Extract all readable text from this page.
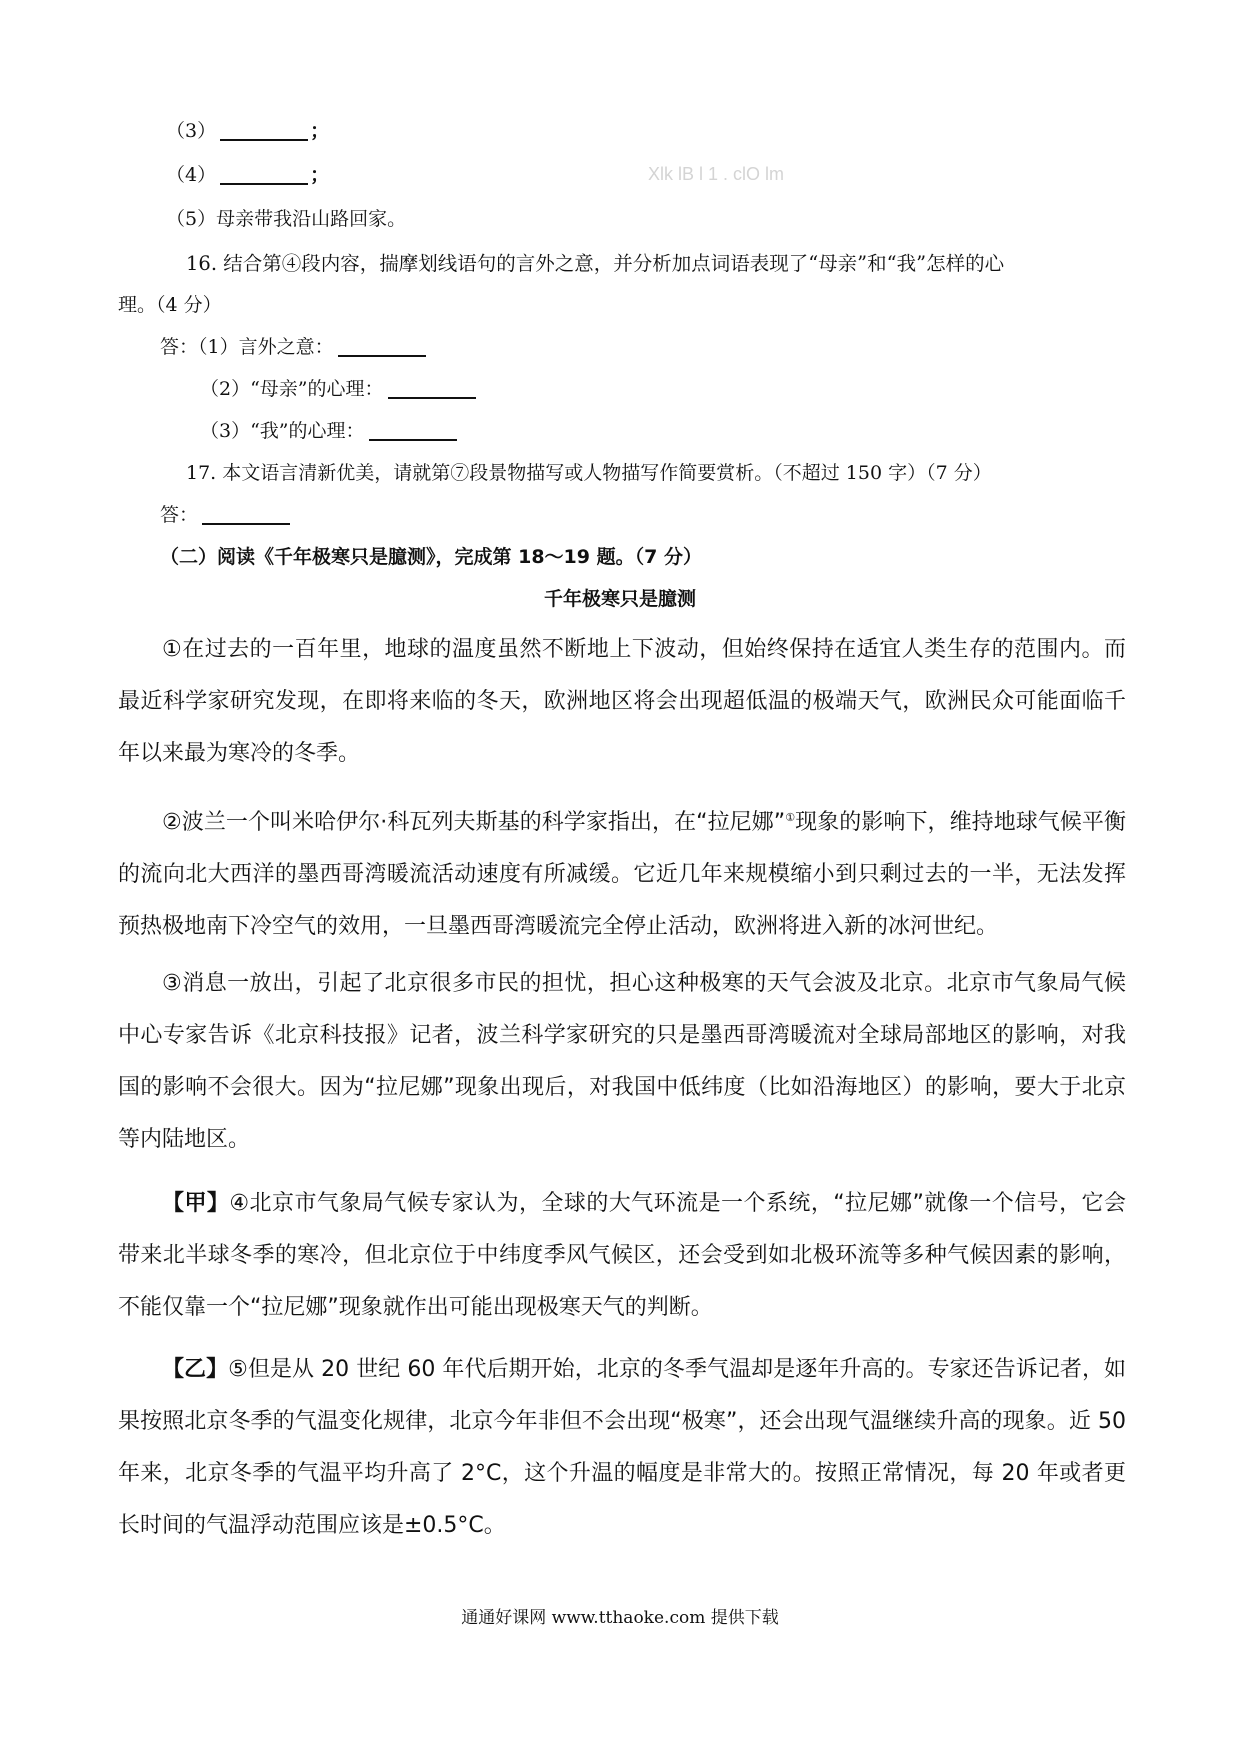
（3）	；
（4）	；	Xlk lB l 1 . clO lm
（5）母亲带我沿山路回家。
16. 结合第④段内容，揣摩划线语句的言外之意，并分析加点词语表现了“母亲”和“我”怎样的心
理。（4 分）
答：（1）言外之意：
（2）“母亲”的心理：
（3）“我”的心理：
17. 本文语言清新优美，请就第⑦段景物描写或人物描写作简要赏析。（不超过 150 字）（7 分）
答：
（二）阅读《千年极寒只是臆测》，完成第 18～19 题。（7 分）
千年极寒只是臆测
①在过去的一百年里，地球的温度虽然不断地上下波动，但始终保持在适宜人类生存的范围内。而最近科学家研究发现，在即将来临的冬天，欧洲地区将会出现超低温的极端天气，欧洲民众可能面临千年以来最为寒冷的冬季。
②波兰一个叫米哈伊尔·科瓦列夫斯基的科学家指出，在“拉尼娜”①现象的影响下，维持地球气候平衡的流向北大西洋的墨西哥湾暖流活动速度有所减缓。它近几年来规模缩小到只剩过去的一半，无法发挥预热极地南下冷空气的效用，一旦墨西哥湾暖流完全停止活动，欧洲将进入新的冰河世纪。
③消息一放出，引起了北京很多市民的担忧，担心这种极寒的天气会波及北京。北京市气象局气候中心专家告诉《北京科技报》记者，波兰科学家研究的只是墨西哥湾暖流对全球局部地区的影响，对我国的影响不会很大。因为“拉尼娜”现象出现后，对我国中低纬度（比如沿海地区）的影响，要大于北京等内陆地区。
【甲】④北京市气象局气候专家认为，全球的大气环流是一个系统，“拉尼娜”就像一个信号，它会带来北半球冬季的寒冷，但北京位于中纬度季风气候区，还会受到如北极环流等多种气候因素的影响，不能仅靠一个“拉尼娜”现象就作出可能出现极寒天气的判断。
【乙】⑤但是从 20 世纪 60 年代后期开始，北京的冬季气温却是逐年升高的。专家还告诉记者，如果按照北京冬季的气温变化规律，北京今年非但不会出现“极寒”，还会出现气温继续升高的现象。近 50 年来，北京冬季的气温平均升高了 2°C，这个升温的幅度是非常大的。按照正常情况，每 20 年或者更长时间的气温浮动范围应该是±0.5°C。
通通好课网 www.tthaoke.com 提供下载
